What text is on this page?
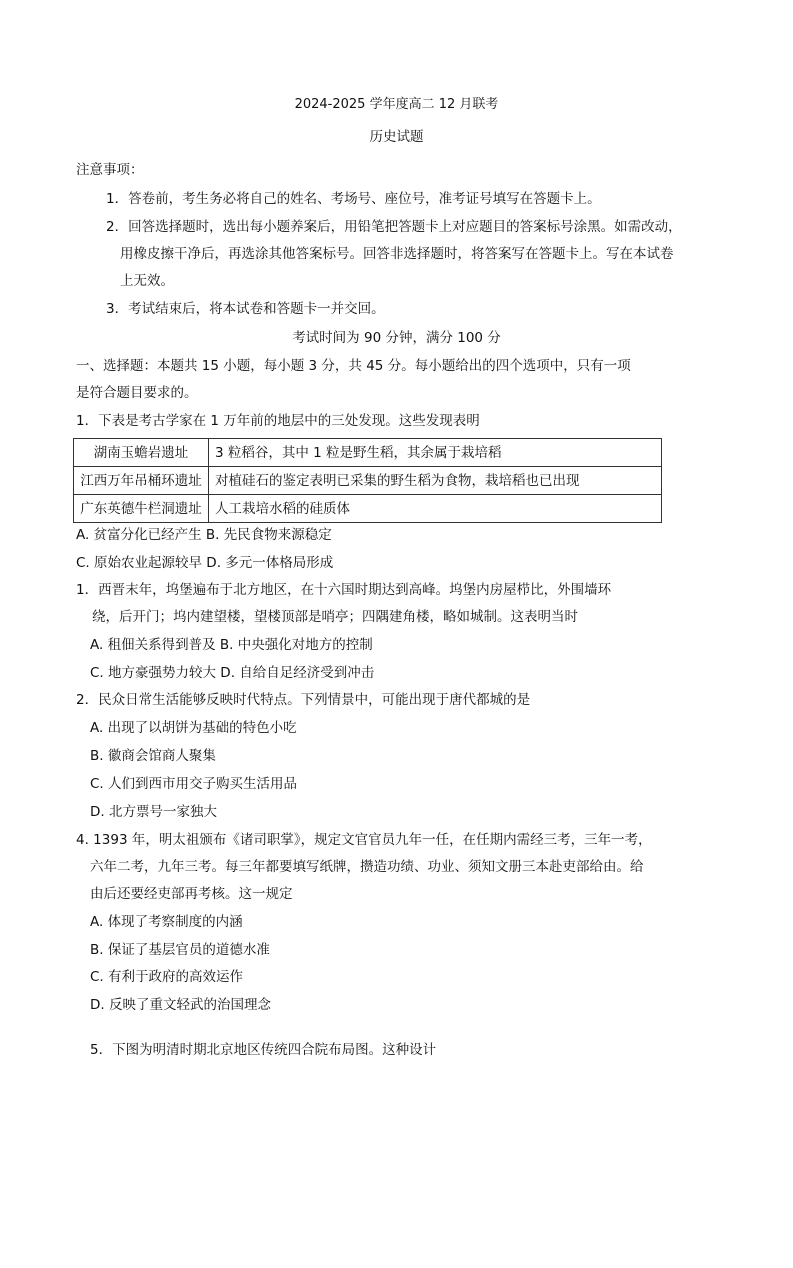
2024-2025 学年度高二 12 月联考
历史试题
注意事项：
1．答卷前，考生务必将自己的姓名、考场号、座位号，准考证号填写在答题卡上。
2．回答选择题时，选出每小题养案后，用铅笔把答题卡上对应题目的答案标号涂黑。如需改动，
用橡皮擦干净后，再选涂其他答案标号。回答非选择题时，将答案写在答题卡上。写在本试卷
上无效。
3．考试结束后，将本试卷和答题卡一并交回。
考试时间为 90 分钟，满分 100 分
一、选择题：本题共 15 小题，每小题 3 分，共 45 分。每小题给出的四个选项中，只有一项
是符合题目要求的。
1．下表是考古学家在 1 万年前的地层中的三处发现。这些发现表明
湖南玉蟾岩遗址	3 粒稻谷，其中 1 粒是野生稻，其余属于栽培稻
江西万年吊桶环遗址	对植硅石的鉴定表明已采集的野生稻为食物，栽培稻也已出现
广东英德牛栏洞遗址	人工栽培水稻的硅质体
A. 贫富分化已经产生 B. 先民食物来源稳定
C. 原始农业起源较早 D. 多元一体格局形成
1．西晋末年，坞堡遍布于北方地区，在十六国时期达到高峰。坞堡内房屋栉比，外围墙环
绕，后开门；坞内建望楼，望楼顶部是哨亭；四隅建角楼，略如城制。这表明当时
A. 租佃关系得到普及 B. 中央强化对地方的控制
C. 地方豪强势力较大 D. 自给自足经济受到冲击
2．民众日常生活能够反映时代特点。下列情景中，可能出现于唐代都城的是
A. 出现了以胡饼为基础的特色小吃
B. 徽商会馆商人聚集
C. 人们到西市用交子购买生活用品
D. 北方票号一家独大
4. 1393 年，明太祖颁布《诸司职掌》，规定文官官员九年一任，在任期内需经三考，三年一考，
六年二考，九年三考。每三年都要填写纸牌，攒造功绩、功业、须知文册三本赴吏部给由。给
由后还要经吏部再考核。这一规定
A. 体现了考察制度的内涵
B. 保证了基层官员的道德水准
C. 有利于政府的高效运作
D. 反映了重文轻武的治国理念
5．下图为明清时期北京地区传统四合院布局图。这种设计
